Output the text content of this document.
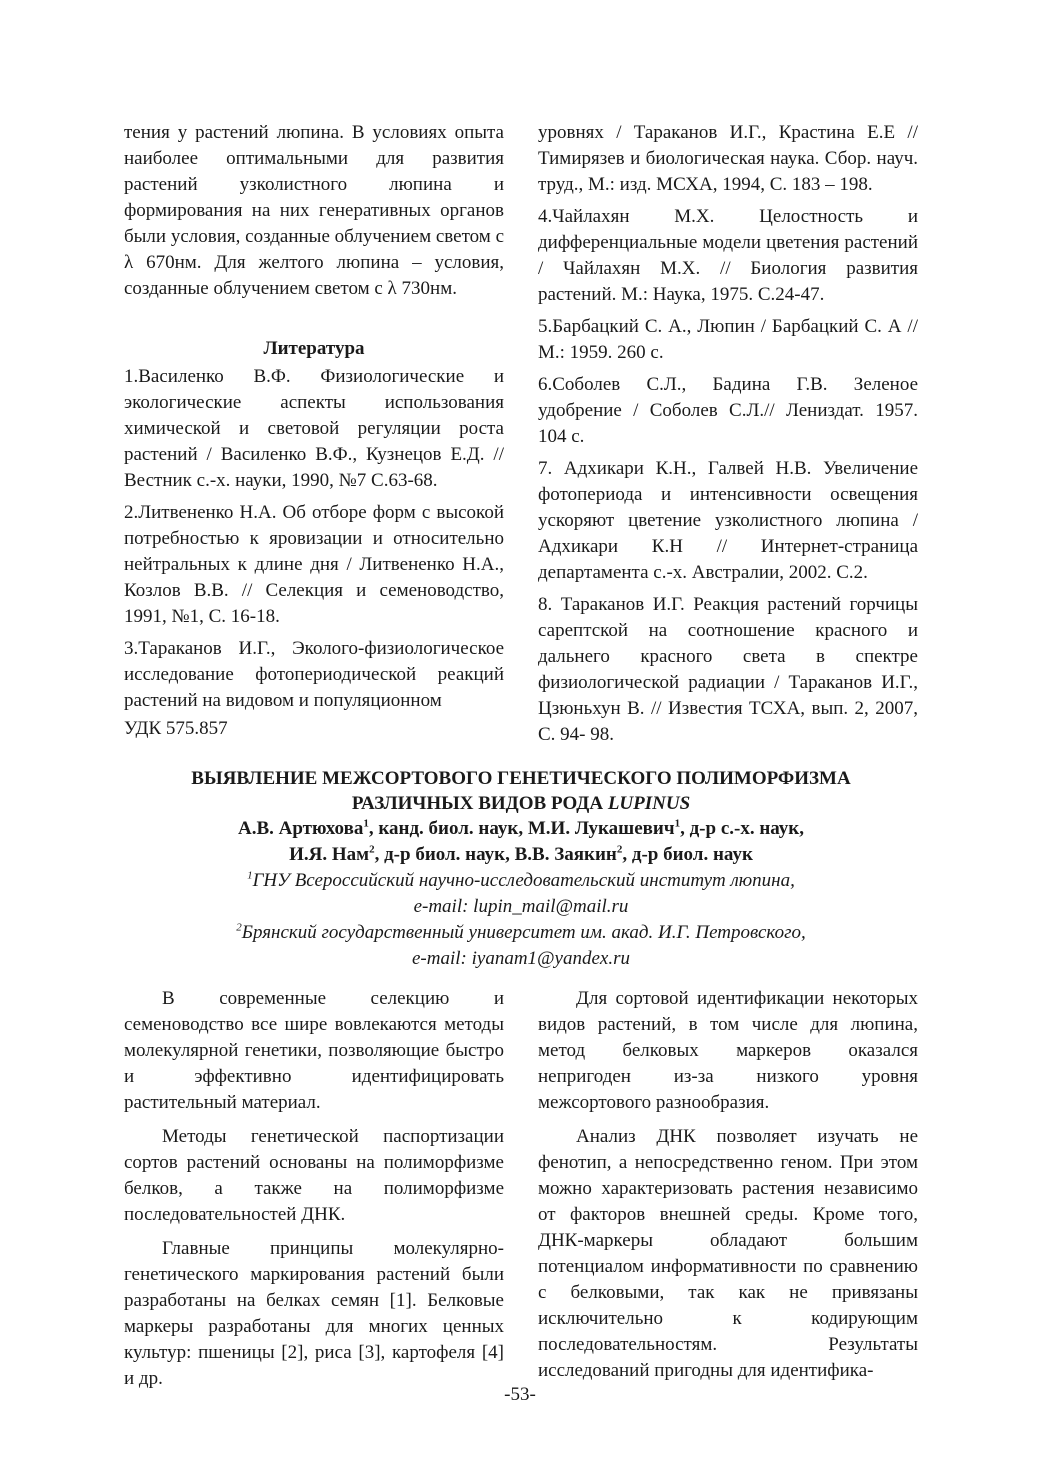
тения у растений люпина. В условиях опыта наиболее оптимальными для развития растений узколистного люпина и формирования на них генеративных органов были условия, созданные облучением светом с λ 670нм. Для желтого люпина – условия, созданные облучением светом с λ 730нм.

Литература
1.Василенко В.Ф. Физиологические и экологические аспекты использования химической и световой регуляции роста растений / Василенко В.Ф., Кузнецов Е.Д. // Вестник с.-х. науки, 1990, №7 С.63-68.
2.Литвененко Н.А. Об отборе форм с высокой потребностью к яровизации и относительно нейтральных к длине дня / Литвененко Н.А., Козлов В.В. // Селекция и семеноводство, 1991, №1, С. 16-18.
3.Тараканов И.Г., Эколого-физиологическое исследование фотопериодической реакций растений на видовом и популяционном
уровнях / Тараканов И.Г., Крастина Е.Е // Тимирязев и биологическая наука. Сбор. науч. труд., М.: изд. МСХА, 1994, С. 183 – 198.
4.Чайлахян М.Х. Целостность и дифференциальные модели цветения растений / Чайлахян М.Х. // Биология развития растений. М.: Наука, 1975. С.24-47.
5.Барбацкий С. А., Люпин / Барбацкий С. А // М.: 1959. 260 с.
6.Соболев С.Л., Бадина Г.В. Зеленое удобрение / Соболев С.Л.// Лениздат. 1957. 104 с.
7. Адхикари К.Н., Галвей Н.В. Увеличение фотопериода и интенсивности освещения ускоряют цветение узколистного люпина / Адхикари К.Н // Интернет-страница департамента с.-х. Австралии, 2002. С.2.
8. Тараканов И.Г. Реакция растений горчицы сарептской на соотношение красного и дальнего красного света в спектре физиологической радиации / Тараканов И.Г., Цзюньхун В. // Известия ТСХА, вып. 2, 2007, С. 94- 98.
УДК 575.857

ВЫЯВЛЕНИЕ МЕЖСОРТОВОГО ГЕНЕТИЧЕСКОГО ПОЛИМОРФИЗМА

РАЗЛИЧНЫХ ВИДОВ РОДА LUPINUS

А.В. Артюхова$^1$, канд. биол. наук, М.И. Лукашевич$^1$, д-р с.-х. наук,

И.Я. Нам$^2$, д-р биол. наук, В.В. Заякин$^2$, д-р биол. наук

$^1$ГНУ Всероссийский научно-исследовательский институт люпина,

e-mail: lupin_mail@mail.ru

$^2$Брянский государственный университет им. акад. И.Г. Петровского,

e-mail: iyanam1@yandex.ru

В современные селекцию и семеноводство все шире вовлекаются методы молекулярной генетики, позволяющие быстро и эффективно идентифицировать растительный материал.

Методы генетической паспортизации сортов растений основаны на полиморфизме белков, а также на полиморфизме последовательностей ДНК.

Главные принципы молекулярно-генетического маркирования растений были разработаны на белках семян [1]. Белковые маркеры разработаны для многих ценных культур: пшеницы [2], риса [3], картофеля [4] и др.

Для сортовой идентификации некоторых видов растений, в том числе для люпина, метод белковых маркеров оказался непригоден из-за низкого уровня межсортового разнообразия.

Анализ ДНК позволяет изучать не фенотип, а непосредственно геном. При этом можно характеризовать растения независимо от факторов внешней среды. Кроме того, ДНК-маркеры обладают большим потенциалом информативности по сравнению с белковыми, так как не привязаны исключительно к кодирующим последовательностям. Результаты исследований пригодны для идентифика-

-53-
